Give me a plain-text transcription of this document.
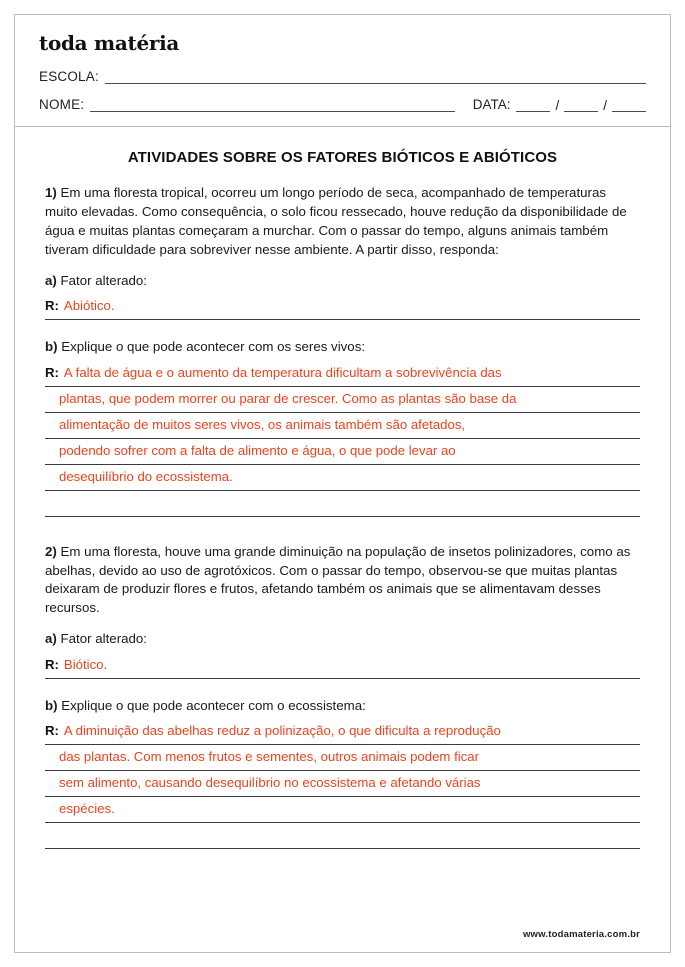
toda matéria
ESCOLA:
NOME:	DATA:	/	/
ATIVIDADES SOBRE OS FATORES BIÓTICOS E ABIÓTICOS
1) Em uma floresta tropical, ocorreu um longo período de seca, acompanhado de temperaturas muito elevadas. Como consequência, o solo ficou ressecado, houve redução da disponibilidade de água e muitas plantas começaram a murchar. Com o passar do tempo, alguns animais também tiveram dificuldade para sobreviver nesse ambiente. A partir disso, responda:
a) Fator alterado:
R: Abiótico.
b) Explique o que pode acontecer com os seres vivos:
R: A falta de água e o aumento da temperatura dificultam a sobrevivência das
plantas, que podem morrer ou parar de crescer. Como as plantas são base da
alimentação de muitos seres vivos, os animais também são afetados,
podendo sofrer com a falta de alimento e água, o que pode levar ao
desequilíbrio do ecossistema.
2) Em uma floresta, houve uma grande diminuição na população de insetos polinizadores, como as abelhas, devido ao uso de agrotóxicos. Com o passar do tempo, observou-se que muitas plantas deixaram de produzir flores e frutos, afetando também os animais que se alimentavam desses recursos.
a) Fator alterado:
R: Biótico.
b) Explique o que pode acontecer com o ecossistema:
R: A diminuição das abelhas reduz a polinização, o que dificulta a reprodução
das plantas. Com menos frutos e sementes, outros animais podem ficar
sem alimento, causando desequilíbrio no ecossistema e afetando várias
espécies.
www.todamateria.com.br
